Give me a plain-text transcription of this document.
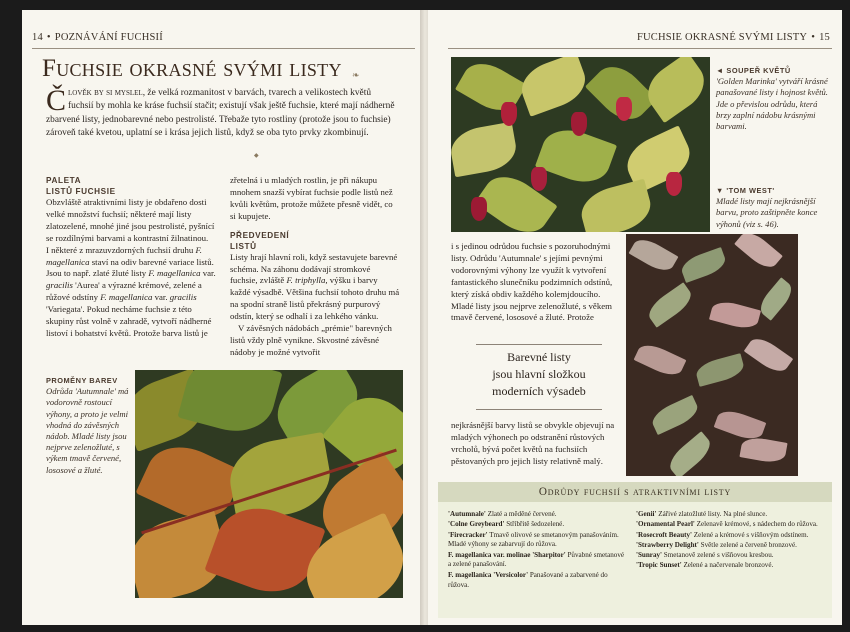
14 • POZNÁVÁNÍ FUCHSIÍ
Fuchsie okrasné svými listy ❧

Člověk by si myslel, že velká rozmanitost v barvách, tvarech a velikostech květů fuchsií by mohla ke kráse fuchsií stačit; existují však ještě fuchsie, které mají nádherně zbarvené listy, jednobarevné nebo pestrolisté. Třebaže tyto rostliny (protože jsou to fuchsie) zároveň také kvetou, uplatní se i krása jejich listů, když se oba tyto prvky zkombinují.

◆
PALETA
LISTŮ FUCHSIE

Obzvláště atraktivními listy je obdařeno dosti velké množství fuchsií; některé mají listy zlatozelené, mnohé jiné jsou pestrolisté, pyšnící se rozdílnými barvami a kontrastní žilnatinou.

I některé z mrazuvzdorných fuchsií druhu F. magellanica staví na odiv barevné variace listů. Jsou to např. zlaté žluté listy F. magellanica var. gracilis 'Aurea' a výrazné krémové, zelené a růžové odstíny F. magellanica var. gracilis 'Variegata'. Pokud necháme fuchsie z této skupiny růst volně v zahradě, vytvoří nádherné listoví i bohatství květů. Protože barva listů je

zřetelná i u mladých rostlin, je při nákupu mnohem snazší vybírat fuchsie podle listů než kvůli květům, protože můžete přesně vidět, co si kupujete.

PŘEDVEDENÍ
LISTŮ

Listy hrají hlavní roli, když sestavujete barevné schéma. Na záhonu dodávají stromkové fuchsie, zvláště F. triphylla, výšku i barvy každé výsadbě. Většina fuchsií tohoto druhu má na spodní straně listů překrásný purpurový odstín, který se odhalí i za lehkého vánku.

V závěsných nádobách „prémie" barevných listů vždy plně vynikne. Skvostné závěsné nádoby je možné vytvořit

PROMĚNY BAREV
Odrůda 'Autumnale' má vodorovně rostoucí výhony, a proto je velmi vhodná do závěsných nádob. Mladé listy jsou nejprve zelenožluté, s výkem tmavě červené, lososové a žluté.
FUCHSIE OKRASNÉ SVÝMI LISTY • 15
◄ SOUPEŘ KVĚTŮ
'Golden Marinka' vytváří krásné panašované listy i hojnost květů. Jde o převislou odrůdu, která brzy zaplní nádobu krásnými barvami.
▼ 'TOM WEST'
Mladé listy mají nejkrásnější barvu, proto zaštipněte konce výhonů (viz s. 46).

i s jedinou odrůdou fuchsie s pozoruhodnými listy. Odrůdu 'Autumnale' s jejími pevnými vodorovnými výhony lze využít k vytvoření fantastického slunečníku podzimních odstínů, který získá obdiv každého kolemjdoucího. Mladé listy jsou nejprve zelenožluté, s věkem tmavě červené, lososové a žluté. Protože

Barevné listy
jsou hlavní složkou
moderních výsadeb

nejkrásnější barvy listů se obvykle objevují na mladých výhonech po odstranění růstových vrcholů, bývá počet květů na fuchsiích pěstovaných pro jejich listy relativně malý.

Odrůdy fuchsií s atraktivními listy

'Autumnale' Zlaté a měděné červené.

'Colne Greybeard' Stříbřitě šedozelené.

'Firecracker' Tmavě olivové se smetanovým panašováním. Mladé výhony se zabarvují do růžova.

F. magellanica var. molinae 'Sharpitor' Půvabné smetanové a zelené panašování.

F. magellanica 'Versicolor' Panašované a zabarvené do růžova.

'Genii' Zářivé zlatožluté listy. Na plné slunce.

'Ornamental Pearl' Zelenavě krémové, s nádechem do růžova.

'Rosecroft Beauty' Zelené a krémové s višňovým odstínem.

'Strawberry Delight' Světle zelené a červeně bronzové.

'Sunray' Smetanově zelené s višňovou kresbou.

'Tropic Sunset' Zelené a načervenale bronzové.
